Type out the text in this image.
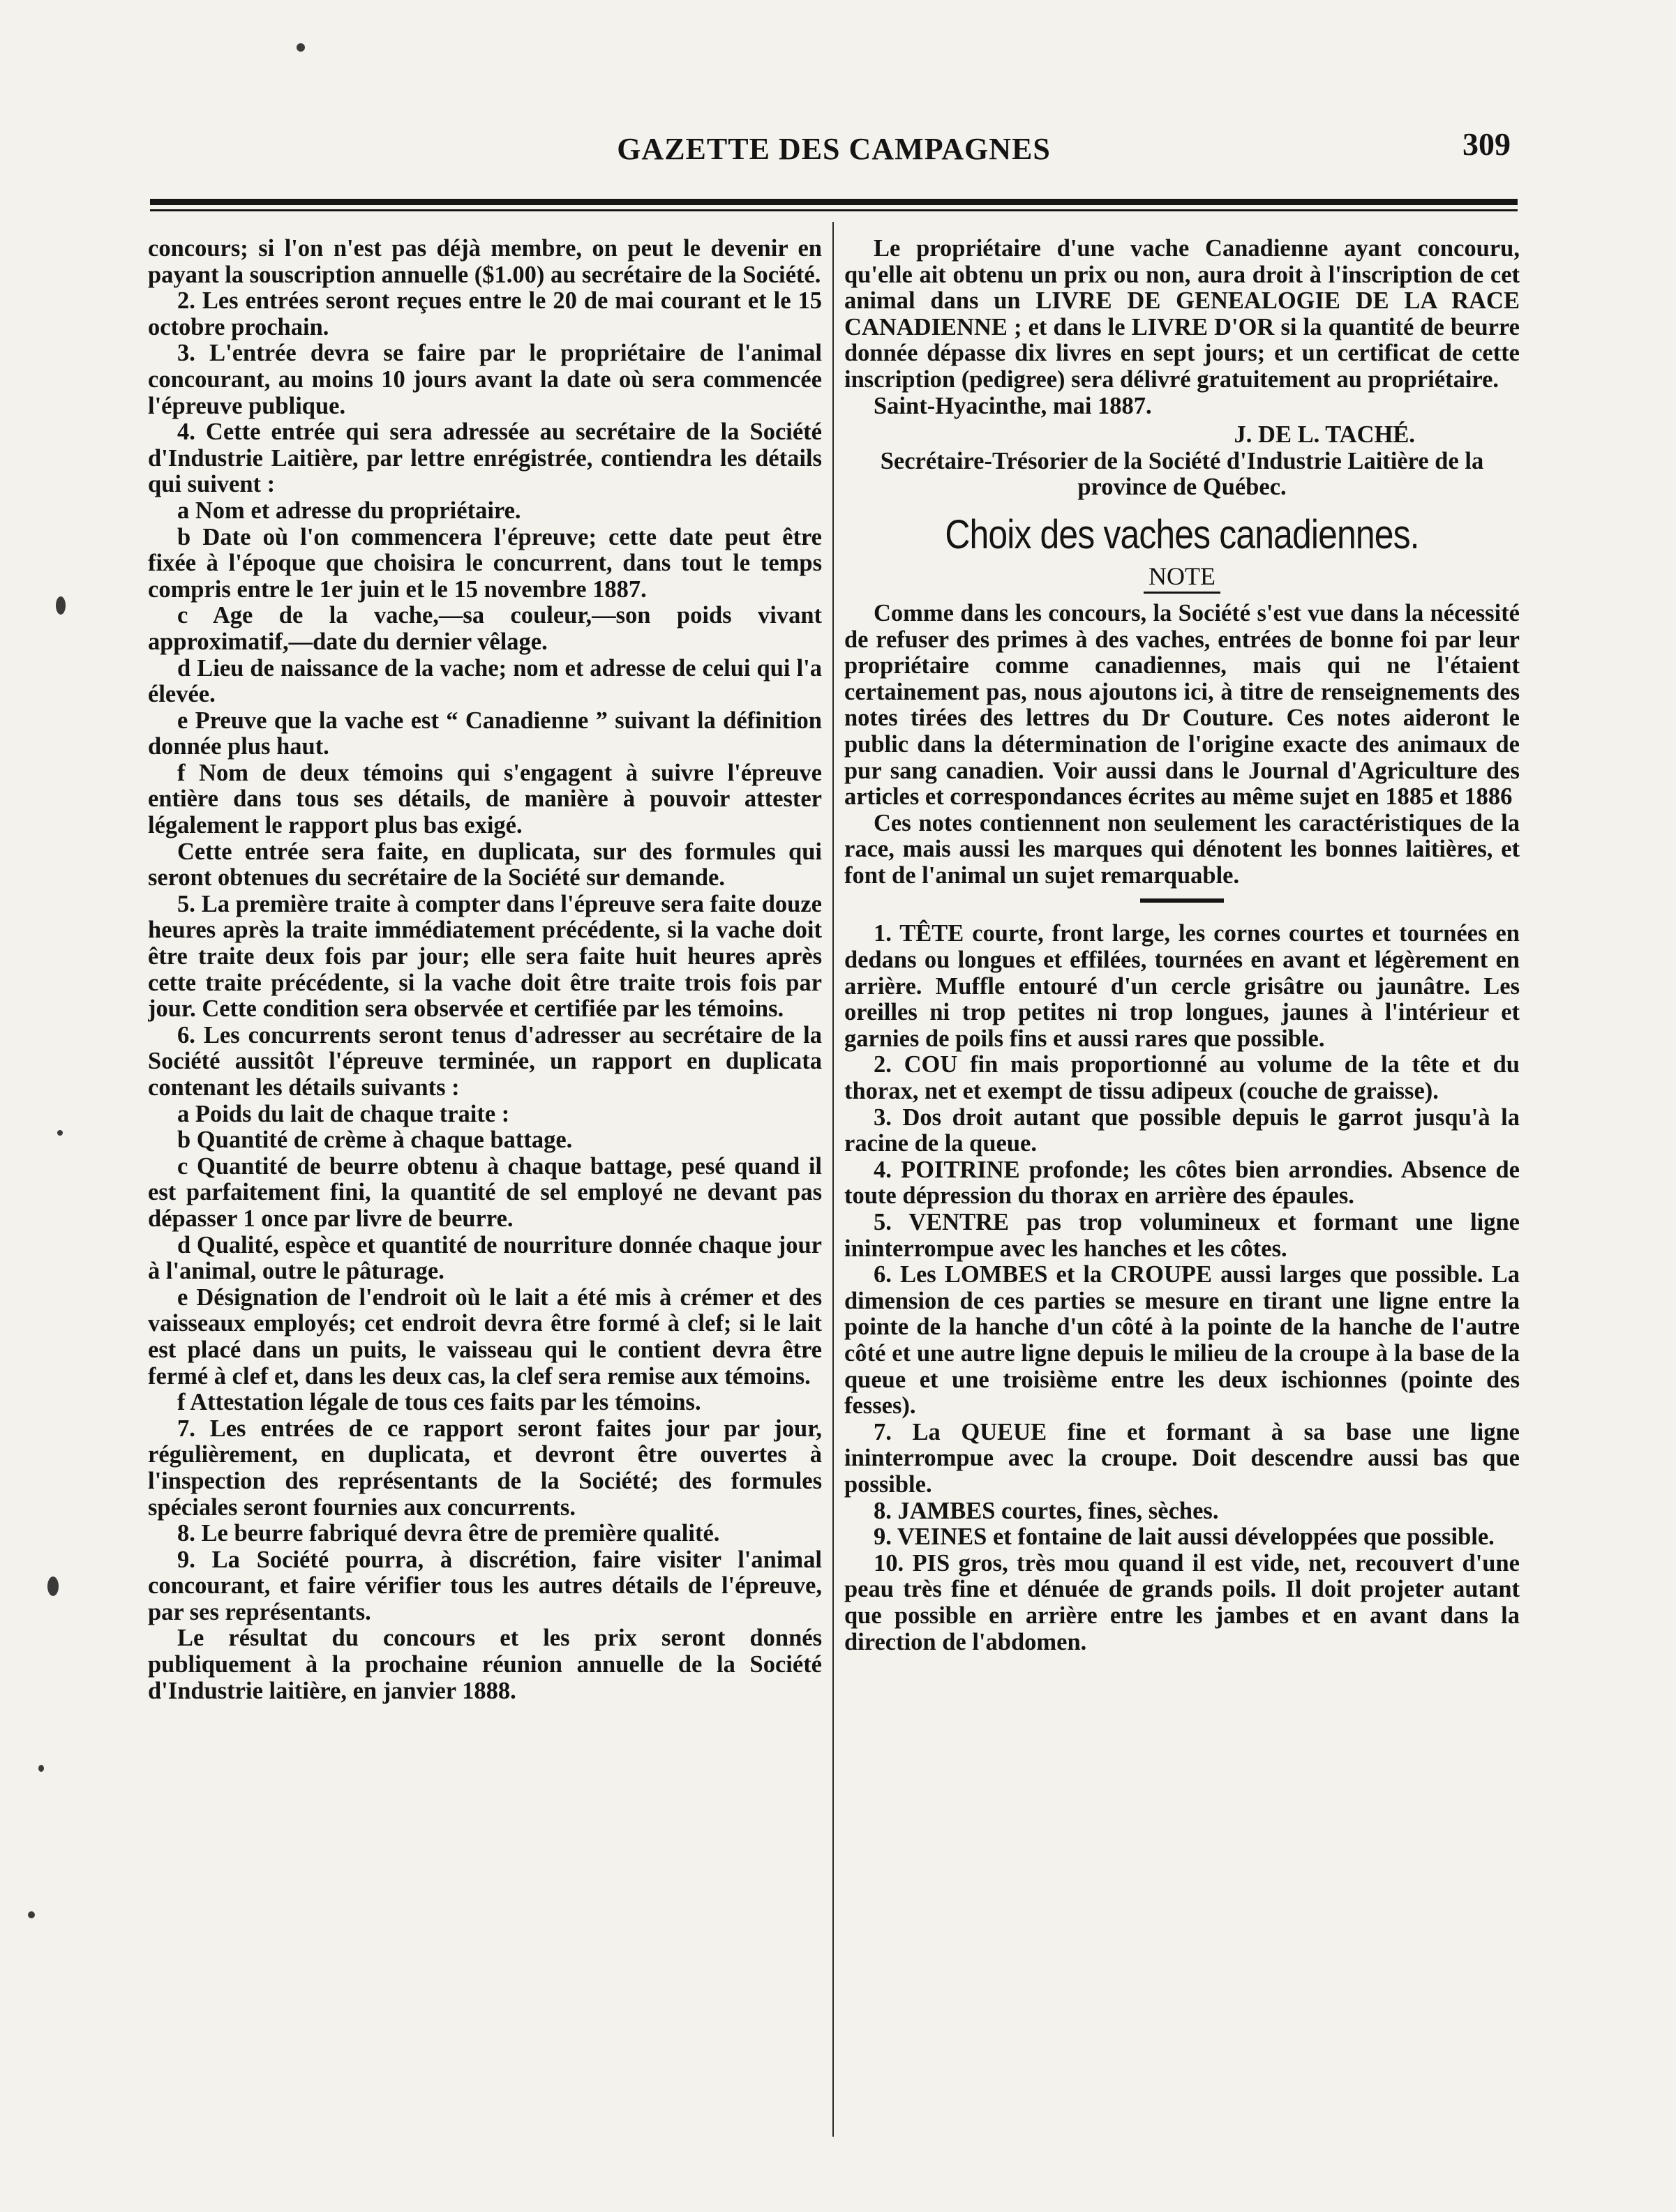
GAZETTE DES CAMPAGNES	309

concours; si l'on n'est pas déjà membre, on peut le devenir en payant la souscription annuelle ($1.00) au secrétaire de la Société.

2. Les entrées seront reçues entre le 20 de mai courant et le 15 octobre prochain.

3. L'entrée devra se faire par le propriétaire de l'animal concourant, au moins 10 jours avant la date où sera commencée l'épreuve publique.

4. Cette entrée qui sera adressée au secrétaire de la Société d'Industrie Laitière, par lettre enrégistrée, contiendra les détails qui suivent :

a Nom et adresse du propriétaire.

b Date où l'on commencera l'épreuve; cette date peut être fixée à l'époque que choisira le concurrent, dans tout le temps compris entre le 1er juin et le 15 novembre 1887.

c Age de la vache,—sa couleur,—son poids vivant approximatif,—date du dernier vêlage.

d Lieu de naissance de la vache; nom et adresse de celui qui l'a élevée.

e Preuve que la vache est “ Canadienne ” suivant la définition donnée plus haut.

f Nom de deux témoins qui s'engagent à suivre l'épreuve entière dans tous ses détails, de manière à pouvoir attester légalement le rapport plus bas exigé.

Cette entrée sera faite, en duplicata, sur des formules qui seront obtenues du secrétaire de la Société sur demande.

5. La première traite à compter dans l'épreuve sera faite douze heures après la traite immédiatement précédente, si la vache doit être traite deux fois par jour; elle sera faite huit heures après cette traite précédente, si la vache doit être traite trois fois par jour. Cette condition sera observée et certifiée par les témoins.

6. Les concurrents seront tenus d'adresser au secrétaire de la Société aussitôt l'épreuve terminée, un rapport en duplicata contenant les détails suivants :

a Poids du lait de chaque traite :

b Quantité de crème à chaque battage.

c Quantité de beurre obtenu à chaque battage, pesé quand il est parfaitement fini, la quantité de sel employé ne devant pas dépasser 1 once par livre de beurre.

d Qualité, espèce et quantité de nourriture donnée chaque jour à l'animal, outre le pâturage.

e Désignation de l'endroit où le lait a été mis à crémer et des vaisseaux employés; cet endroit devra être formé à clef; si le lait est placé dans un puits, le vaisseau qui le contient devra être fermé à clef et, dans les deux cas, la clef sera remise aux témoins.

f Attestation légale de tous ces faits par les témoins.

7. Les entrées de ce rapport seront faites jour par jour, régulièrement, en duplicata, et devront être ouvertes à l'inspection des représentants de la Société; des formules spéciales seront fournies aux concurrents.

8. Le beurre fabriqué devra être de première qualité.

9. La Société pourra, à discrétion, faire visiter l'animal concourant, et faire vérifier tous les autres détails de l'épreuve, par ses représentants.

Le résultat du concours et les prix seront donnés publiquement à la prochaine réunion annuelle de la Société d'Industrie laitière, en janvier 1888.

Le propriétaire d'une vache Canadienne ayant concouru, qu'elle ait obtenu un prix ou non, aura droit à l'inscription de cet animal dans un LIVRE DE GENEALOGIE DE LA RACE CANADIENNE ; et dans le LIVRE D'OR si la quantité de beurre donnée dépasse dix livres en sept jours; et un certificat de cette inscription (pedigree) sera délivré gratuitement au propriétaire.

Saint-Hyacinthe, mai 1887.

J. DE L. TACHÉ.

Secrétaire-Trésorier de la Société d'Industrie Laitière de la province de Québec.

Choix des vaches canadiennes.
NOTE

Comme dans les concours, la Société s'est vue dans la nécessité de refuser des primes à des vaches, entrées de bonne foi par leur propriétaire comme canadiennes, mais qui ne l'étaient certainement pas, nous ajoutons ici, à titre de renseignements des notes tirées des lettres du Dr Couture. Ces notes aideront le public dans la détermination de l'origine exacte des animaux de pur sang canadien. Voir aussi dans le Journal d'Agriculture des articles et correspondances écrites au même sujet en 1885 et 1886

Ces notes contiennent non seulement les caractéristiques de la race, mais aussi les marques qui dénotent les bonnes laitières, et font de l'animal un sujet remarquable.

1. TÊTE courte, front large, les cornes courtes et tournées en dedans ou longues et effilées, tournées en avant et légèrement en arrière. Muffle entouré d'un cercle grisâtre ou jaunâtre. Les oreilles ni trop petites ni trop longues, jaunes à l'intérieur et garnies de poils fins et aussi rares que possible.

2. COU fin mais proportionné au volume de la tête et du thorax, net et exempt de tissu adipeux (couche de graisse).

3. Dos droit autant que possible depuis le garrot jusqu'à la racine de la queue.

4. POITRINE profonde; les côtes bien arrondies. Absence de toute dépression du thorax en arrière des épaules.

5. VENTRE pas trop volumineux et formant une ligne ininterrompue avec les hanches et les côtes.

6. Les LOMBES et la CROUPE aussi larges que possible. La dimension de ces parties se mesure en tirant une ligne entre la pointe de la hanche d'un côté à la pointe de la hanche de l'autre côté et une autre ligne depuis le milieu de la croupe à la base de la queue et une troisième entre les deux ischionnes (pointe des fesses).

7. La QUEUE fine et formant à sa base une ligne ininterrompue avec la croupe. Doit descendre aussi bas que possible.

8. JAMBES courtes, fines, sèches.

9. VEINES et fontaine de lait aussi développées que possible.

10. PIS gros, très mou quand il est vide, net, recouvert d'une peau très fine et dénuée de grands poils. Il doit projeter autant que possible en arrière entre les jambes et en avant dans la direction de l'abdomen.
